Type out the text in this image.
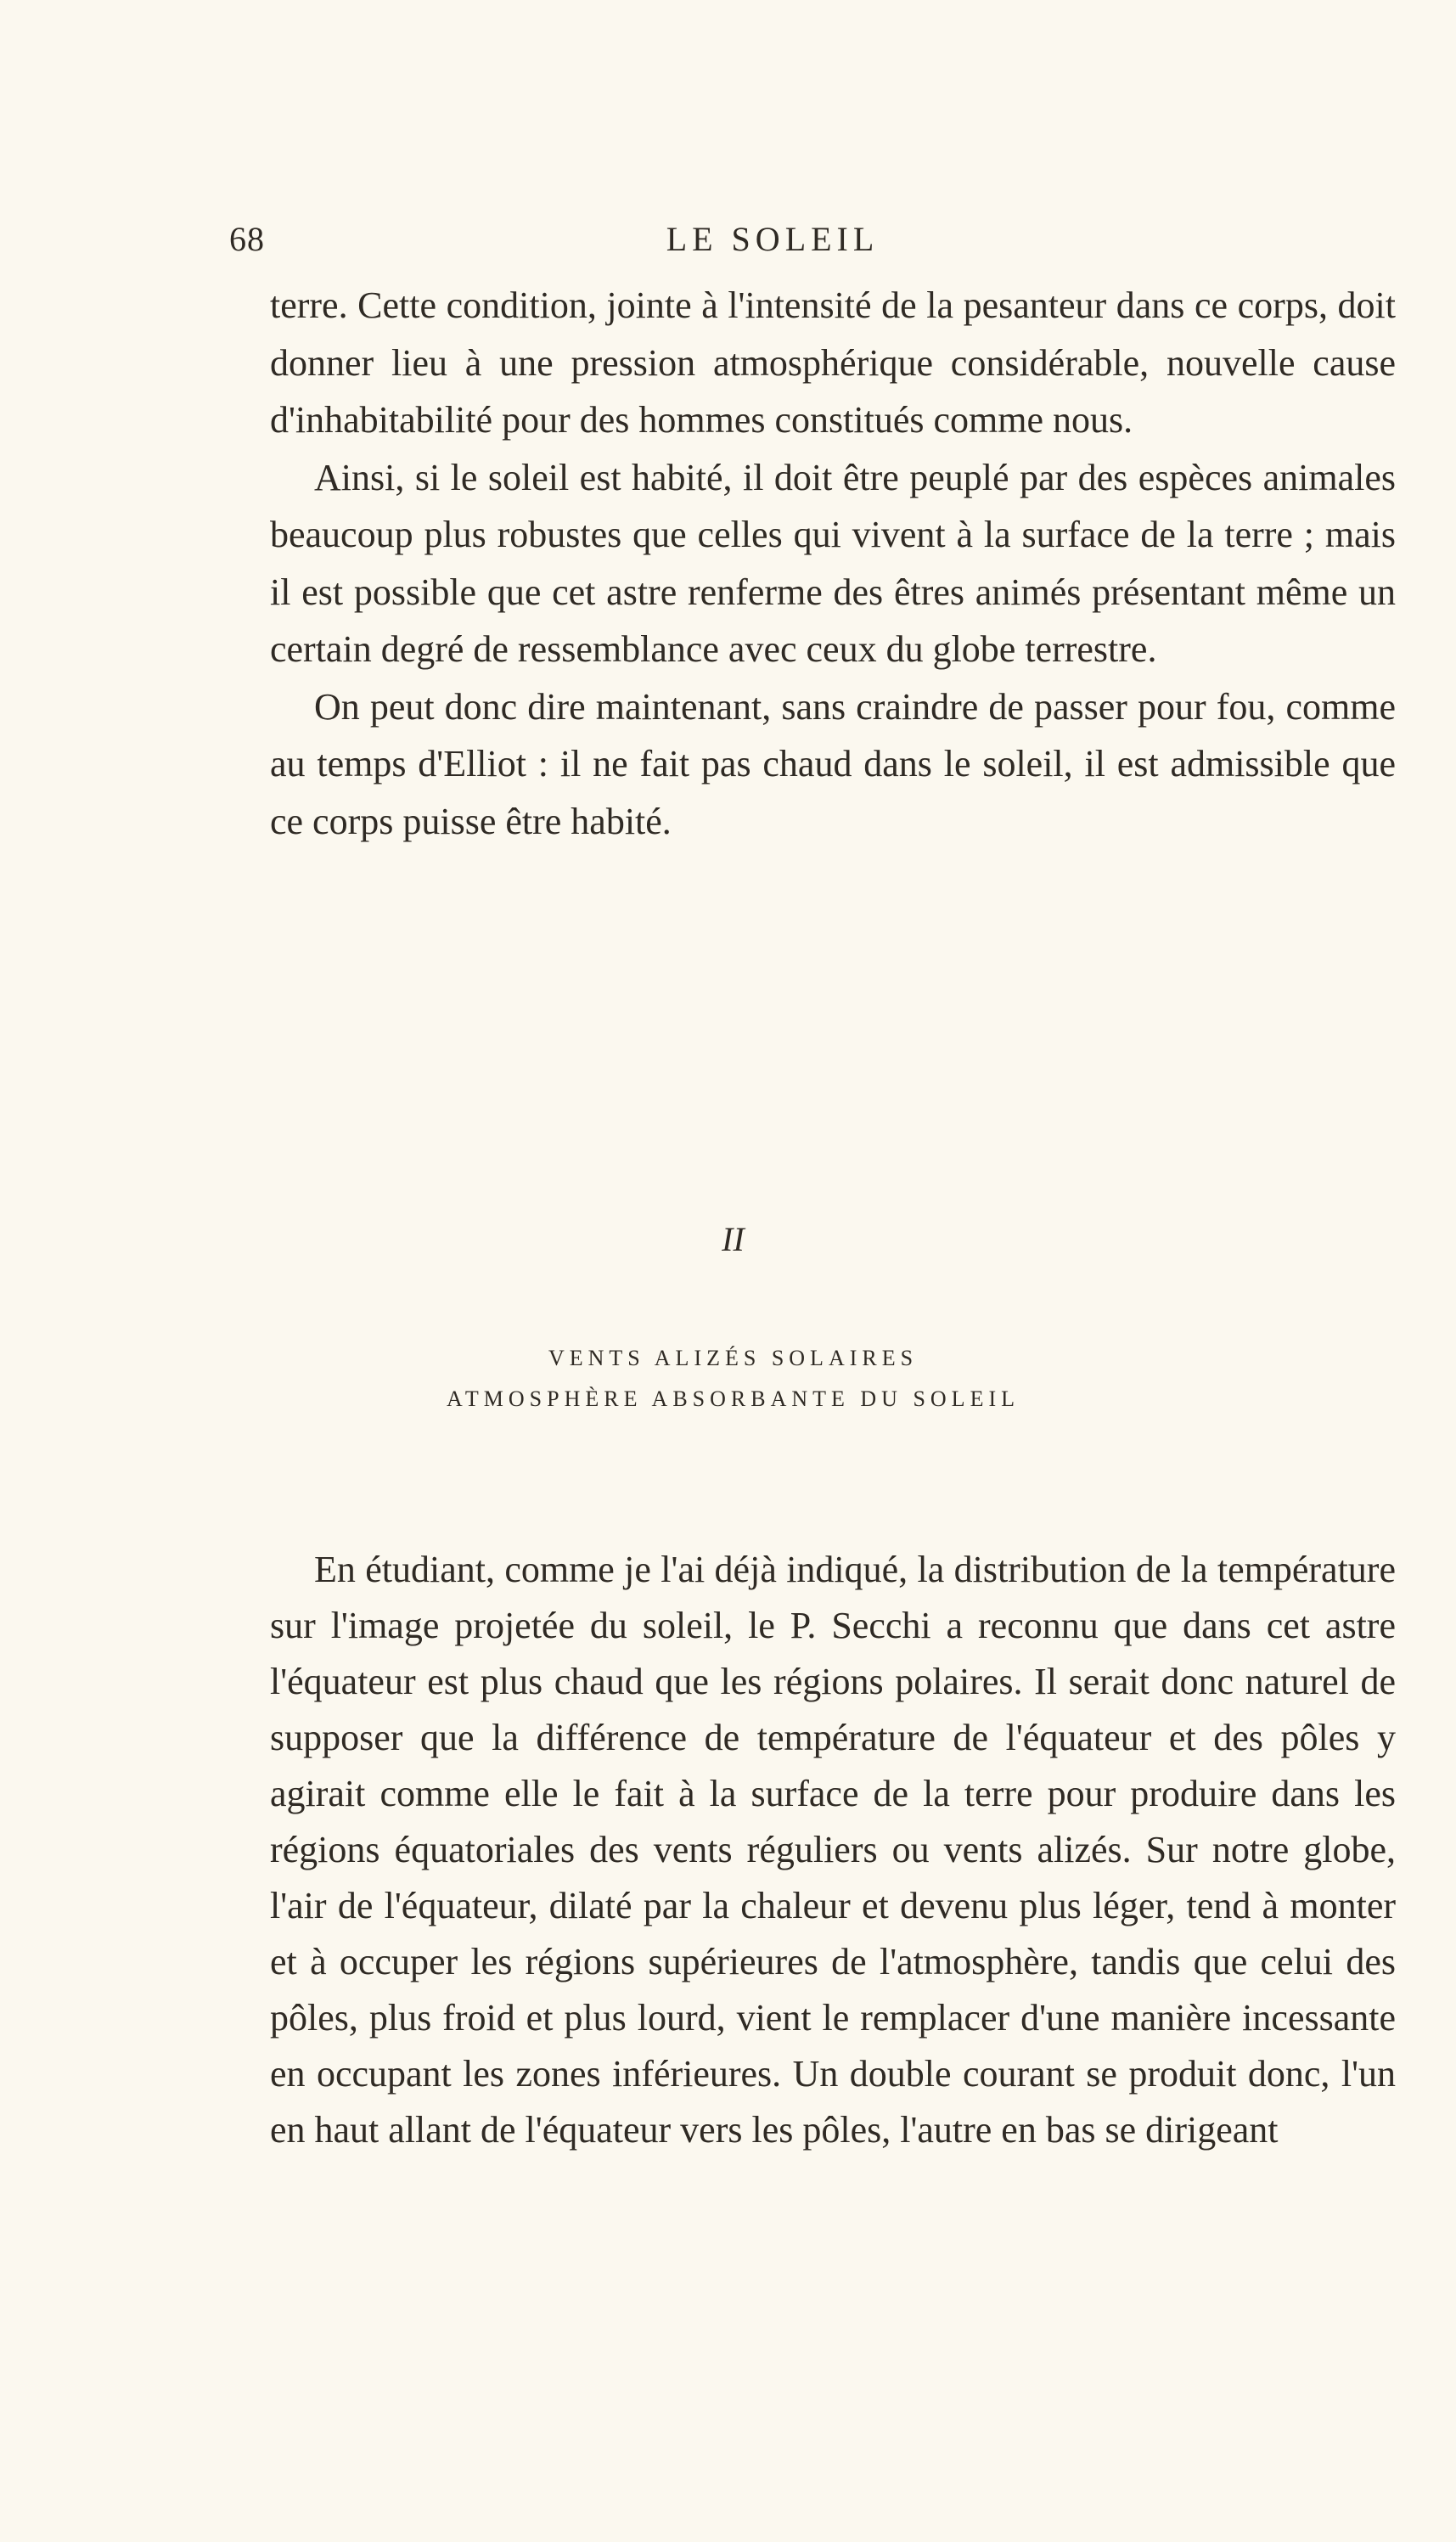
68	LE SOLEIL

terre. Cette condition, jointe à l'intensité de la pesanteur dans ce corps, doit donner lieu à une pression atmosphérique considérable, nouvelle cause d'inhabitabilité pour des hommes constitués comme nous.

Ainsi, si le soleil est habité, il doit être peuplé par des espèces animales beaucoup plus robustes que celles qui vivent à la surface de la terre ; mais il est possible que cet astre renferme des êtres animés présentant même un certain degré de ressemblance avec ceux du globe terrestre.

On peut donc dire maintenant, sans craindre de passer pour fou, comme au temps d'Elliot : il ne fait pas chaud dans le soleil, il est admissible que ce corps puisse être habité.

II
VENTS ALIZÉS SOLAIRES
ATMOSPHÈRE ABSORBANTE DU SOLEIL

En étudiant, comme je l'ai déjà indiqué, la distribution de la température sur l'image projetée du soleil, le P. Secchi a reconnu que dans cet astre l'équateur est plus chaud que les régions polaires. Il serait donc naturel de supposer que la différence de température de l'équateur et des pôles y agirait comme elle le fait à la surface de la terre pour produire dans les régions équatoriales des vents réguliers ou vents alizés. Sur notre globe, l'air de l'équateur, dilaté par la chaleur et devenu plus léger, tend à monter et à occuper les régions supérieures de l'atmosphère, tandis que celui des pôles, plus froid et plus lourd, vient le remplacer d'une manière incessante en occupant les zones inférieures. Un double courant se produit donc, l'un en haut allant de l'équateur vers les pôles, l'autre en bas se dirigeant
